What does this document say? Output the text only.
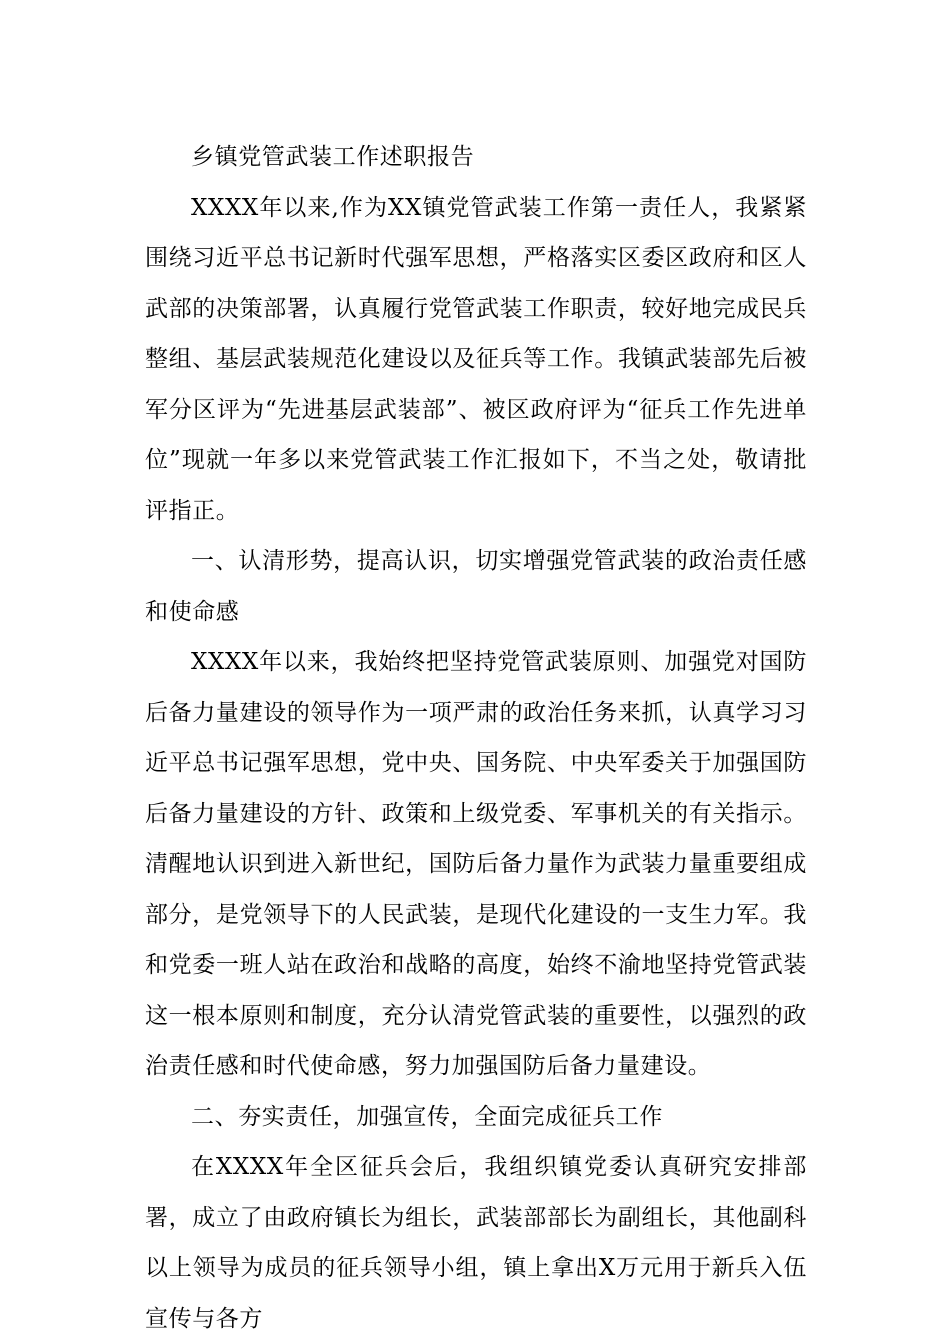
乡镇党管武装工作述职报告

XXXX年以来,作为XX镇党管武装工作第一责任人，我紧紧围绕习近平总书记新时代强军思想，严格落实区委区政府和区人武部的决策部署，认真履行党管武装工作职责，较好地完成民兵整组、基层武装规范化建设以及征兵等工作。我镇武装部先后被军分区评为“先进基层武装部”、被区政府评为“征兵工作先进单位”现就一年多以来党管武装工作汇报如下，不当之处，敬请批评指正。

一、认清形势，提高认识，切实增强党管武装的政治责任感和使命感

XXXX年以来，我始终把坚持党管武装原则、加强党对国防后备力量建设的领导作为一项严肃的政治任务来抓，认真学习习近平总书记强军思想，党中央、国务院、中央军委关于加强国防后备力量建设的方针、政策和上级党委、军事机关的有关指示。清醒地认识到进入新世纪，国防后备力量作为武装力量重要组成部分，是党领导下的人民武装，是现代化建设的一支生力军。我和党委一班人站在政治和战略的高度，始终不渝地坚持党管武装这一根本原则和制度，充分认清党管武装的重要性，以强烈的政治责任感和时代使命感，努力加强国防后备力量建设。

二、夯实责任，加强宣传，全面完成征兵工作

在XXXX年全区征兵会后，我组织镇党委认真研究安排部署，成立了由政府镇长为组长，武装部部长为副组长，其他副科以上领导为成员的征兵领导小组，镇上拿出X万元用于新兵入伍宣传与各方
